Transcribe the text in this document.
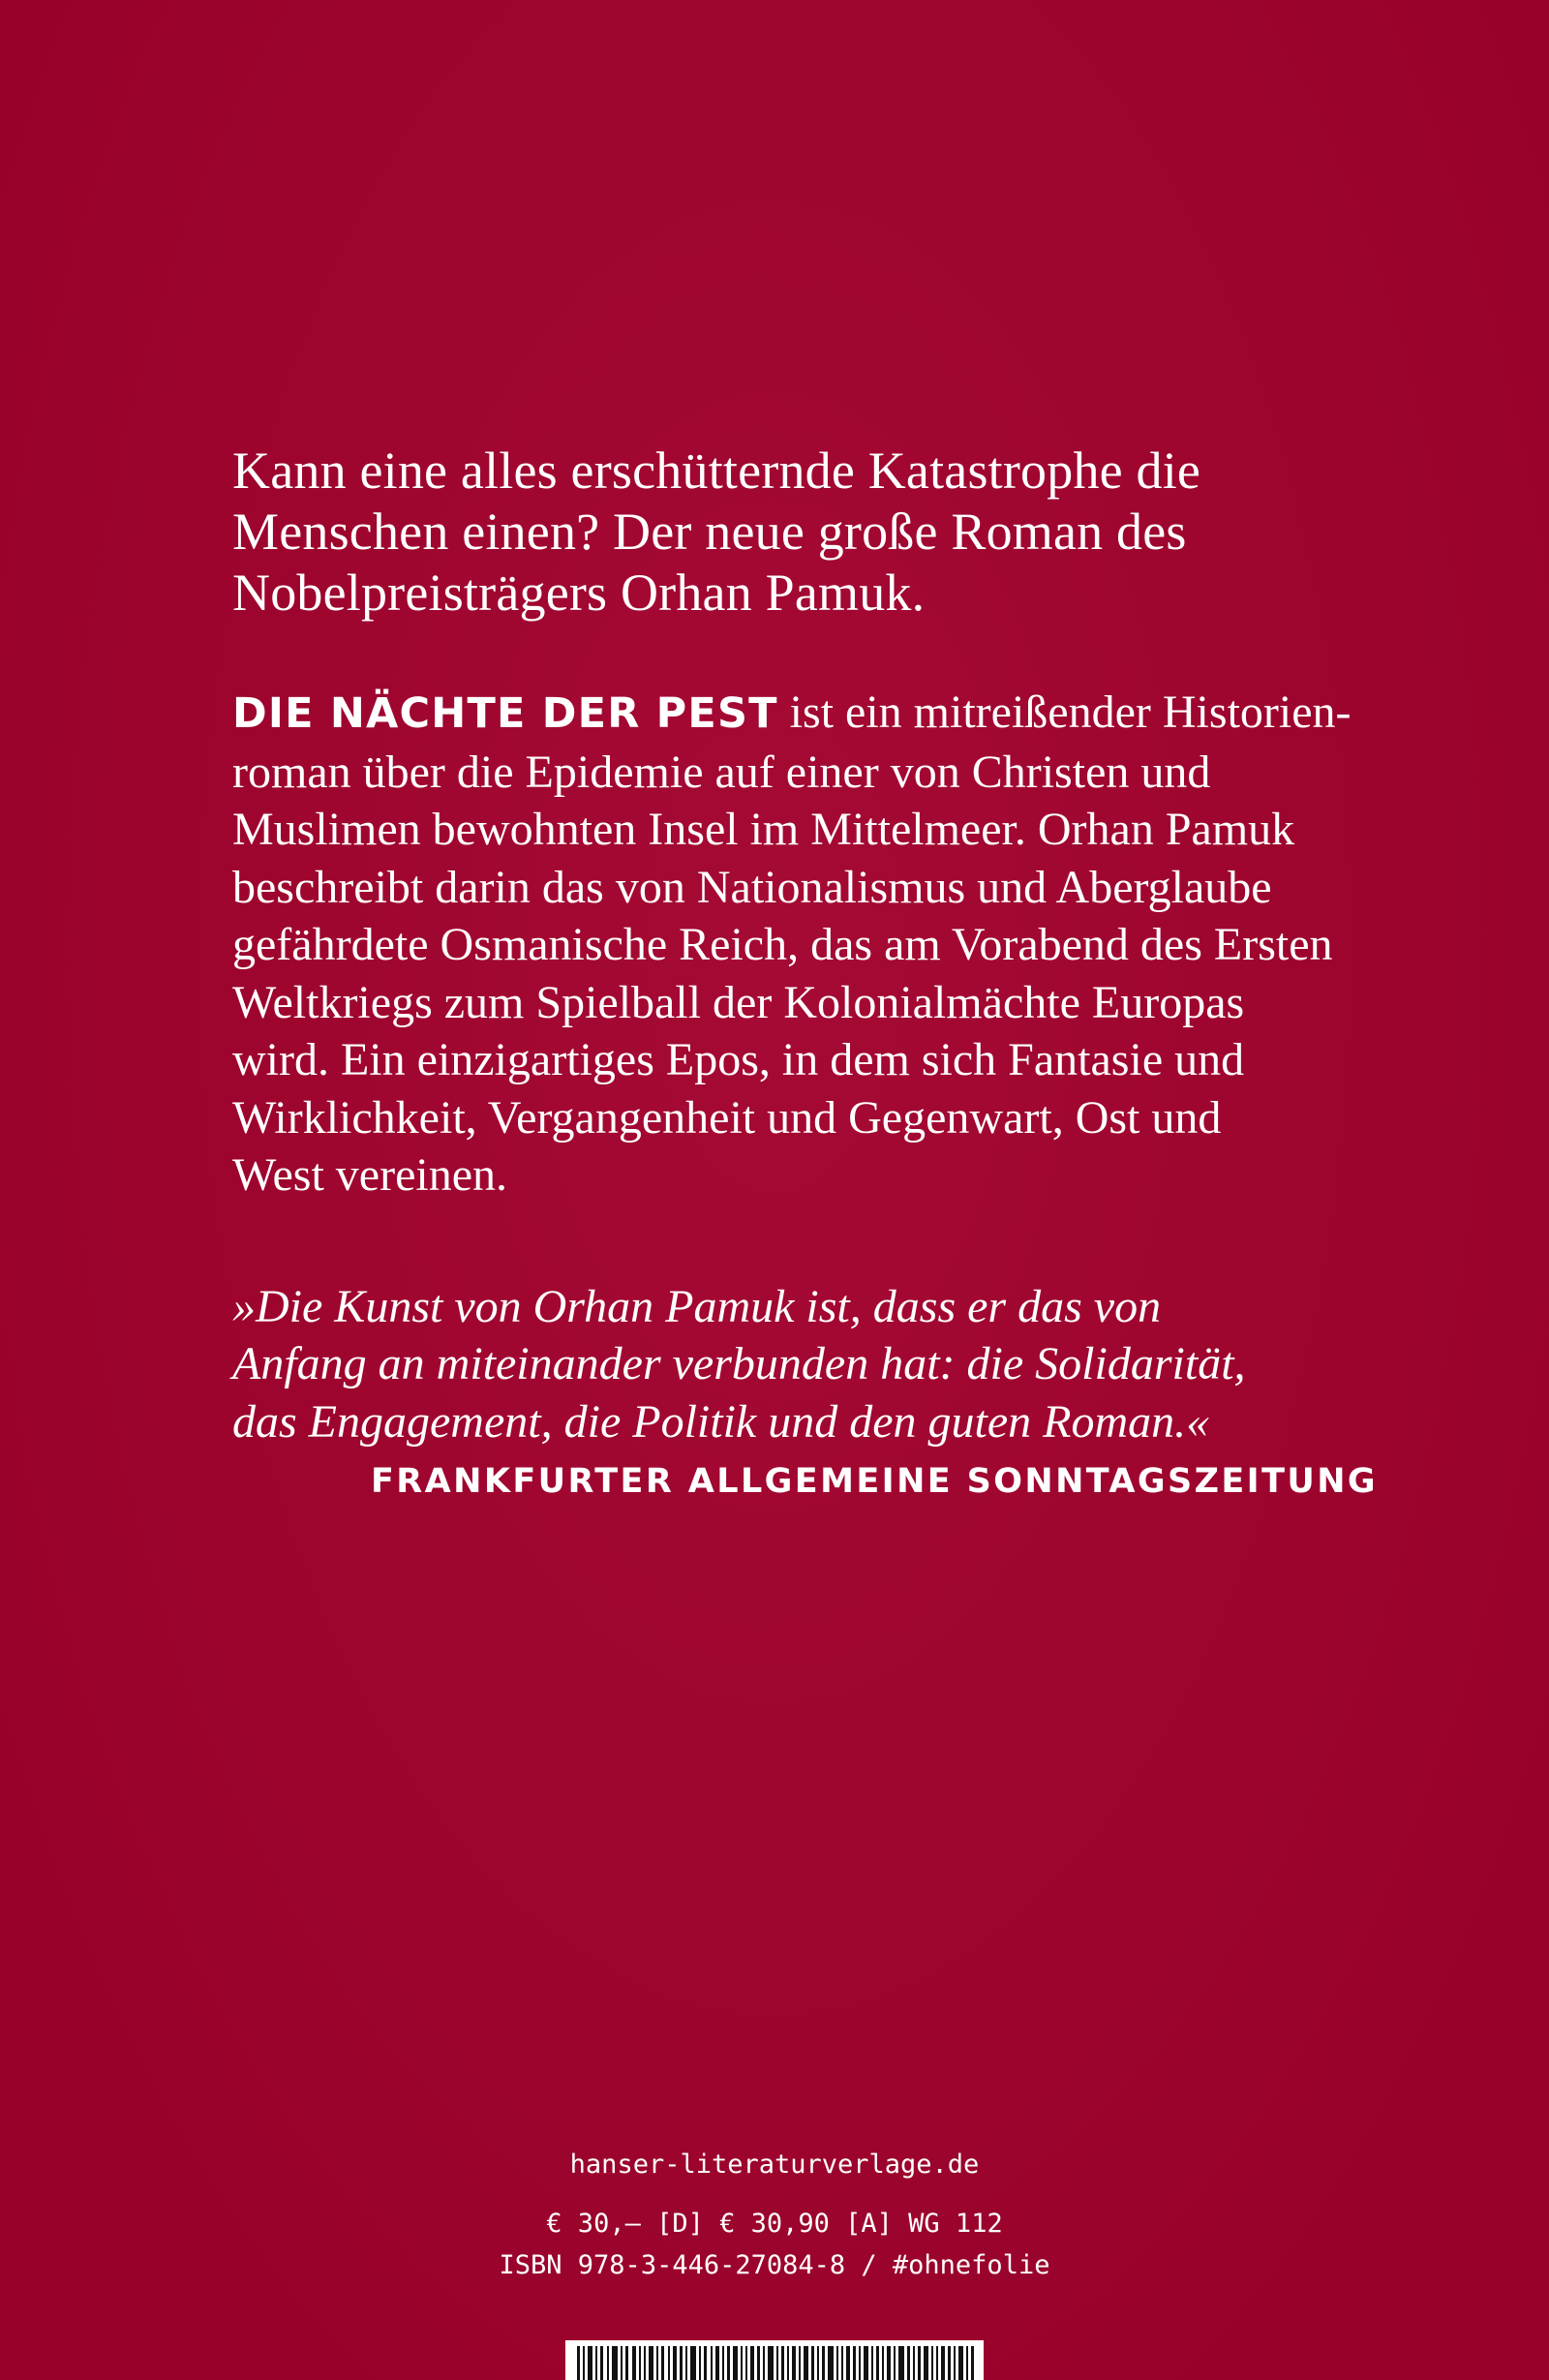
Kann eine alles erschütternde Katastrophe die
Menschen einen? Der neue große Roman des
Nobelpreisträgers Orhan Pamuk.

DIE NÄCHTE DER PEST ist ein mitreißender Historien-
roman über die Epidemie auf einer von Christen und
Muslimen bewohnten Insel im Mittelmeer. Orhan Pamuk
beschreibt darin das von Nationalismus und Aberglaube
gefährdete Osmanische Reich, das am Vorabend des Ersten
Weltkriegs zum Spielball der Kolonialmächte Europas
wird. Ein einzigartiges Epos, in dem sich Fantasie und
Wirklichkeit, Vergangenheit und Gegenwart, Ost und
West vereinen.

»Die Kunst von Orhan Pamuk ist, dass er das von
Anfang an miteinander verbunden hat: die Solidarität,
das Engagement, die Politik und den guten Roman.«

FRANKFURTER ALLGEMEINE SONNTAGSZEITUNG
hanser-literaturverlage.de
€ 30,– [D] € 30,90 [A] WG 112
ISBN 978-3-446-27084-8 / #ohnefolie
